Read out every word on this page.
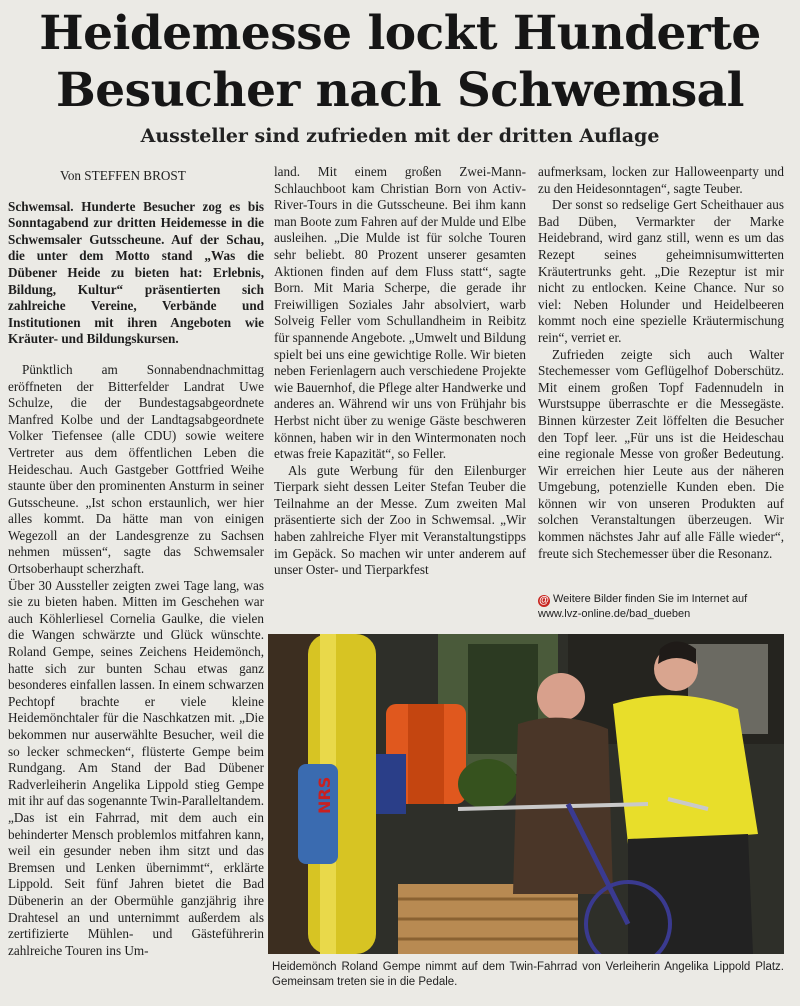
Heidemesse lockt Hunderte Besucher nach Schwemsal
Aussteller sind zufrieden mit der dritten Auflage
Von STEFFEN BROST

Schwemsal. Hunderte Besucher zog es bis Sonntagabend zur dritten Heidemesse in die Schwemsaler Gutsscheune. Auf der Schau, die unter dem Motto stand „Was die Dübener Heide zu bieten hat: Erlebnis, Bildung, Kultur“ präsentierten sich zahlreiche Vereine, Verbände und Institutionen mit ihren Angeboten wie Kräuter- und Bildungskursen.

Pünktlich am Sonnabendnachmittag eröffneten der Bitterfelder Landrat Uwe Schulze, die der Bundestagsabgeordnete Manfred Kolbe und der Landtagsabgeordnete Volker Tiefensee (alle CDU) sowie weitere Vertreter aus dem öffentlichen Leben die Heideschau. Auch Gastgeber Gottfried Weihe staunte über den prominenten Ansturm in seiner Gutsscheune. „Ist schon erstaunlich, wer hier alles kommt. Da hätte man von einigen Wegezoll an der Landesgrenze zu Sachsen nehmen müssen“, sagte das Schwemsaler Ortsoberhaupt scherzhaft.

Über 30 Aussteller zeigten zwei Tage lang, was sie zu bieten haben. Mitten im Geschehen war auch Köhlerliesel Cornelia Gaulke, die vielen die Wangen schwärzte und Glück wünschte. Roland Gempe, seines Zeichens Heidemönch, hatte sich zur bunten Schau etwas ganz besonderes einfallen lassen. In einem schwarzen Pechtopf brachte er viele kleine Heidemönchtaler für die Naschkatzen mit. „Die bekommen nur auserwählte Besucher, weil die so lecker schmecken“, flüsterte Gempe beim Rundgang. Am Stand der Bad Dübener Radverleiherin Angelika Lippold stieg Gempe mit ihr auf das sogenannte Twin-Paralleltandem. „Das ist ein Fahrrad, mit dem auch ein behinderter Mensch problemlos mitfahren kann, weil ein gesunder neben ihm sitzt und das Bremsen und Lenken übernimmt“, erklärte Lippold. Seit fünf Jahren bietet die Bad Dübenerin an der Obermühle ganzjährig ihre Drahtesel an und unternimmt außerdem als zertifizierte Mühlen- und Gästeführerin zahlreiche Touren ins Um-

land. Mit einem großen Zwei-Mann-Schlauchboot kam Christian Born von Activ-River-Tours in die Gutsscheune. Bei ihm kann man Boote zum Fahren auf der Mulde und Elbe ausleihen. „Die Mulde ist für solche Touren sehr beliebt. 80 Prozent unserer gesamten Aktionen finden auf dem Fluss statt“, sagte Born. Mit Maria Scherpe, die gerade ihr Freiwilligen Soziales Jahr absolviert, warb Solveig Feller vom Schullandheim in Reibitz für spannende Angebote. „Umwelt und Bildung spielt bei uns eine gewichtige Rolle. Wir bieten neben Ferienlagern auch verschiedene Projekte wie Bauernhof, die Pflege alter Handwerke und anderes an. Während wir uns von Frühjahr bis Herbst nicht über zu wenige Gäste beschweren können, haben wir in den Wintermonaten noch etwas freie Kapazität“, so Feller.

Als gute Werbung für den Eilenburger Tierpark sieht dessen Leiter Stefan Teuber die Teilnahme an der Messe. Zum zweiten Mal präsentierte sich der Zoo in Schwemsal. „Wir haben zahlreiche Flyer mit Veranstaltungstipps im Gepäck. So machen wir unter anderem auf unser Oster- und Tierparkfest

aufmerksam, locken zur Halloweenparty und zu den Heidesonntagen“, sagte Teuber.

Der sonst so redselige Gert Scheithauer aus Bad Düben, Vermarkter der Marke Heidebrand, wird ganz still, wenn es um das Rezept seines geheimnisumwitterten Kräutertrunks geht. „Die Rezeptur ist mir nicht zu entlocken. Keine Chance. Nur so viel: Neben Holunder und Heidelbeeren kommt noch eine spezielle Kräutermischung rein“, verriet er.

Zufrieden zeigte sich auch Walter Stechemesser vom Geflügelhof Doberschütz. Mit einem großen Topf Fadennudeln in Wurstsuppe überraschte er die Messegäste. Binnen kürzester Zeit löffelten die Besucher den Topf leer. „Für uns ist die Heideschau eine regionale Messe von großer Bedeutung. Wir erreichen hier Leute aus der näheren Umgebung, potenzielle Kunden eben. Die können wir von unseren Produkten auf solchen Veranstaltungen überzeugen. Wir kommen nächstes Jahr auf alle Fälle wieder“, freute sich Stechemesser über die Resonanz.

@ Weitere Bilder finden Sie im Internet auf
www.lvz-online.de/bad_dueben
NRS
Heidemönch Roland Gempe nimmt auf dem Twin-Fahrrad von Verleiherin Angelika Lippold Platz. Gemeinsam treten sie in die Pedale.
